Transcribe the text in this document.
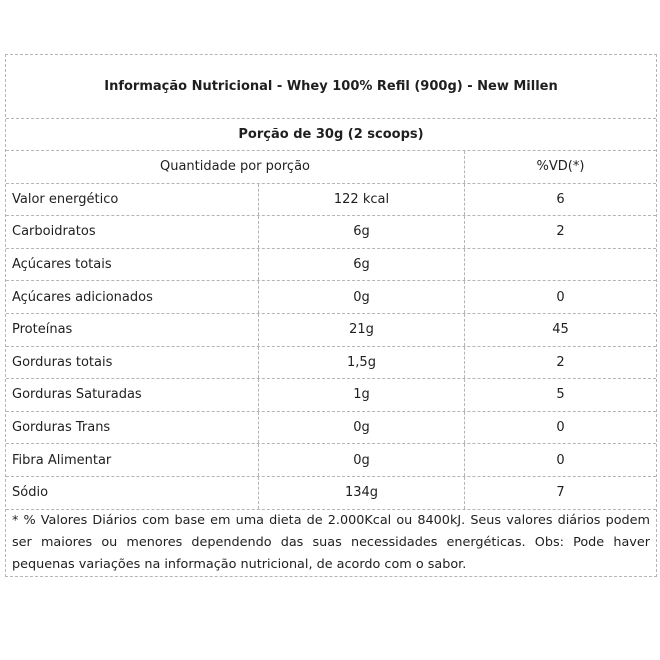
Informação Nutricional - Whey 100% Refil (900g) - New Millen
Porção de 30g (2 scoops)
Quantidade por porção	%VD(*)
Valor energético	122 kcal	6
Carboidratos	6g	2
Açúcares totais	6g
Açúcares adicionados	0g	0
Proteínas	21g	45
Gorduras totais	1,5g	2
Gorduras Saturadas	1g	5
Gorduras Trans	0g	0
Fibra Alimentar	0g	0
Sódio	134g	7
* % Valores Diários com base em uma dieta de 2.000Kcal ou 8400kJ. Seus valores diários podem ser maiores ou menores dependendo das suas necessidades energéticas. Obs: Pode haver pequenas variações na informação nutricional, de acordo com o sabor.
